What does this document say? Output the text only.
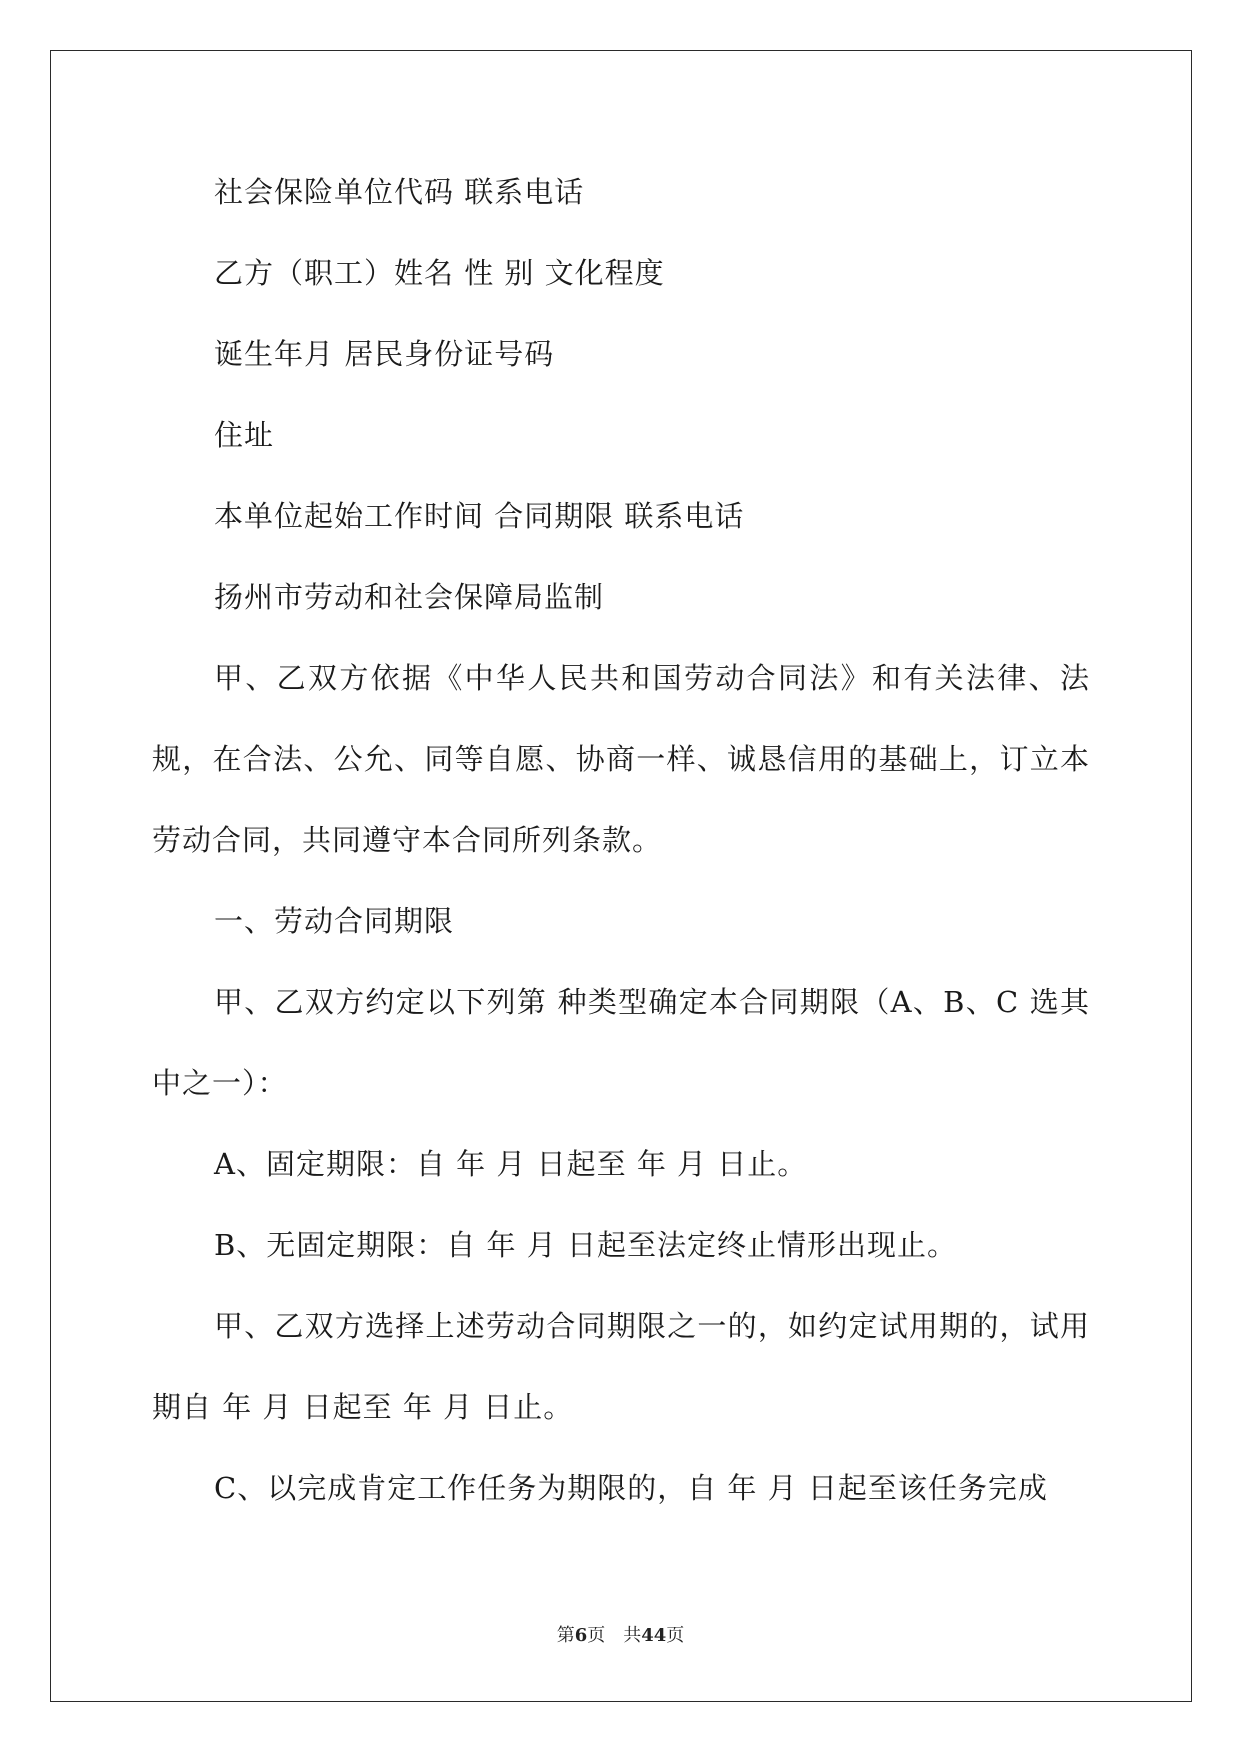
社会保险单位代码 联系电话

乙方（职工）姓名 性 别 文化程度

诞生年月 居民身份证号码

住址

本单位起始工作时间 合同期限 联系电话

扬州市劳动和社会保障局监制

甲、乙双方依据《中华人民共和国劳动合同法》和有关法律、法规，在合法、公允、同等自愿、协商一样、诚恳信用的基础上，订立本劳动合同，共同遵守本合同所列条款。

一、劳动合同期限

甲、乙双方约定以下列第 种类型确定本合同期限（A、B、C 选其中之一）：

A、固定期限：自 年 月 日起至 年 月 日止。

B、无固定期限：自 年 月 日起至法定终止情形出现止。

甲、乙双方选择上述劳动合同期限之一的，如约定试用期的，试用期自 年 月 日起至 年 月 日止。

C、以完成肯定工作任务为期限的，自 年 月 日起至该任务完成

第6页　共44页
